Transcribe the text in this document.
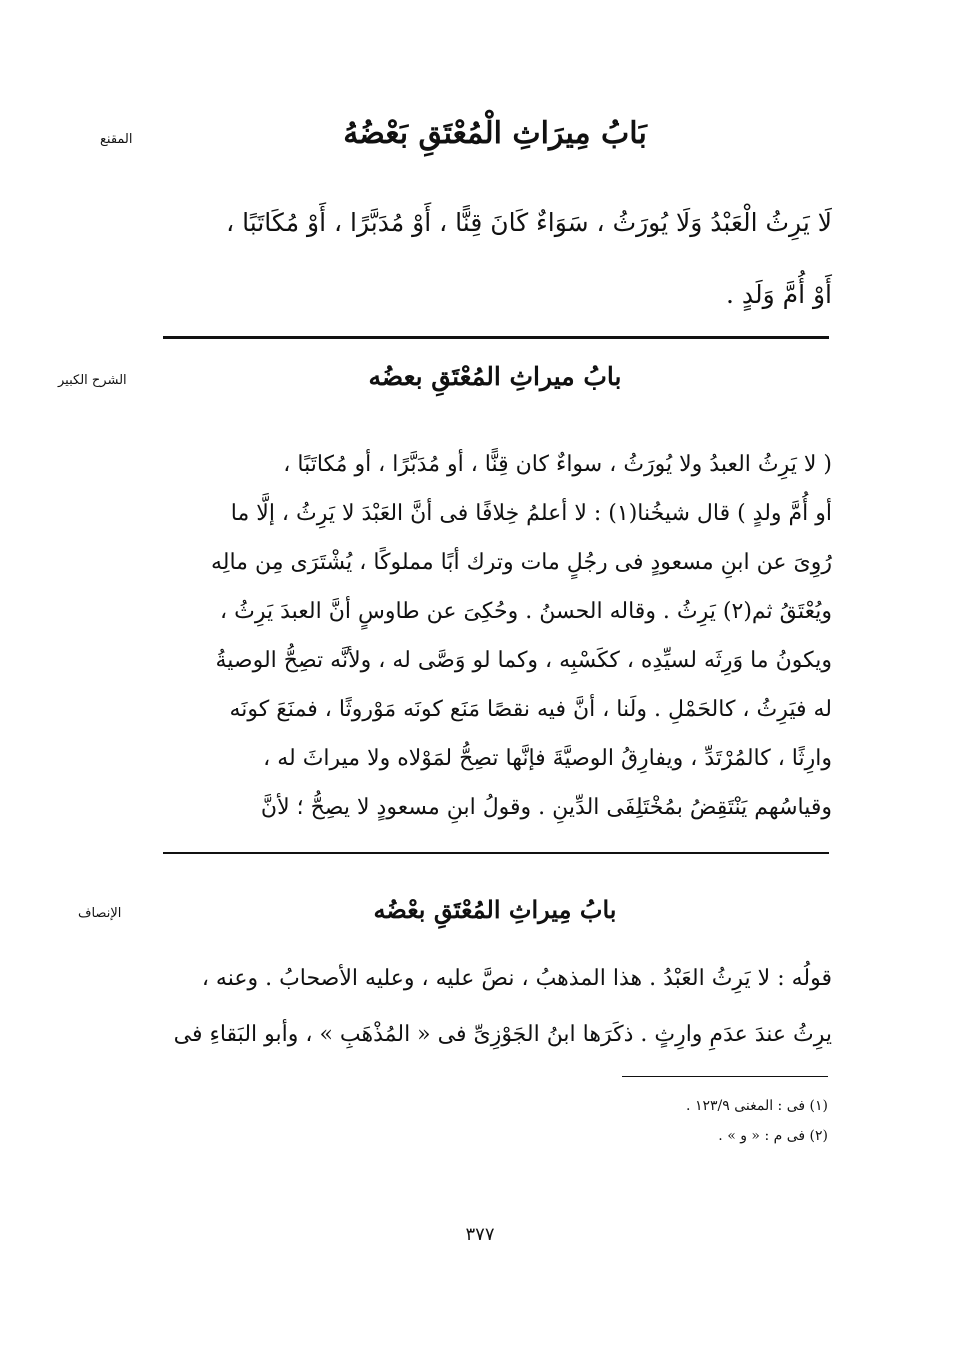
المقنع
الشرح الكبير
الإنصاف
بَابُ مِيرَاثِ الْمُعْتَقِ بَعْضُهُ
لَا يَرِثُ الْعَبْدُ وَلَا يُورَثُ ، سَوَاءٌ كَانَ قِنًّا ، أَوْ مُدَبَّرًا ، أَوْ مُكَاتَبًا ،
أَوْ أُمَّ وَلَدٍ .
بابُ ميراثِ المُعْتَقِ بعضُه
( لا يَرِثُ العبدُ ولا يُورَثُ ، سواءٌ كان قِنًّا ، أو مُدَبَّرًا ، أو مُكاتَبًا ،
أو أُمَّ ولدٍ ) قال شيخُنا(١) : لا أعلمُ خِلافًا فى أنَّ العَبْدَ لا يَرِثُ ، إلَّا ما
رُوِىَ عن ابنِ مسعودٍ فى رجُلٍ مات وترك أبًا مملوكًا ، يُشْتَرَى مِن مالِه
ويُعْتَقُ ثم(٢) يَرِثُ . وقاله الحسنُ . وحُكِىَ عن طاوسٍ أنَّ العبدَ يَرِثُ ،
ويكونُ ما وَرِثَه لسيِّدِه ، ككَسْبِه ، وكما لو وَصَّى له ، ولأنَّه تصِحُّ الوصيةُ
له فيَرِثُ ، كالحَمْلِ . ولَنا ، أنَّ فيه نقصًا مَنَع كونَه مَوْروثًا ، فمنَعَ كونَه
وارِثًا ، كالمُرْتَدِّ ، ويفارِقُ الوصيَّةَ فإنَّها تصِحُّ لمَوْلاه ولا ميراثَ له ،
وقياسُهم يَنْتَقِضُ بمُخْتَلِفَى الدِّينِ . وقولُ ابنِ مسعودٍ لا يصِحُّ ؛ لأنَّ
بابُ مِيراثِ المُعْتَقِ بعْضُه
قولُه : لا يَرِثُ العَبْدُ . هذا المذهبُ ، نصَّ عليه ، وعليه الأصحابُ . وعنه ،
يرِثُ عندَ عدَمِ وارِثٍ . ذكَرَها ابنُ الجَوْزِىِّ فى « المُذْهَبِ » ، وأبو البَقاءِ فى
(١) فى : المغنى ١٢٣/٩ .
(٢) فى م : « و » .
٣٧٧
